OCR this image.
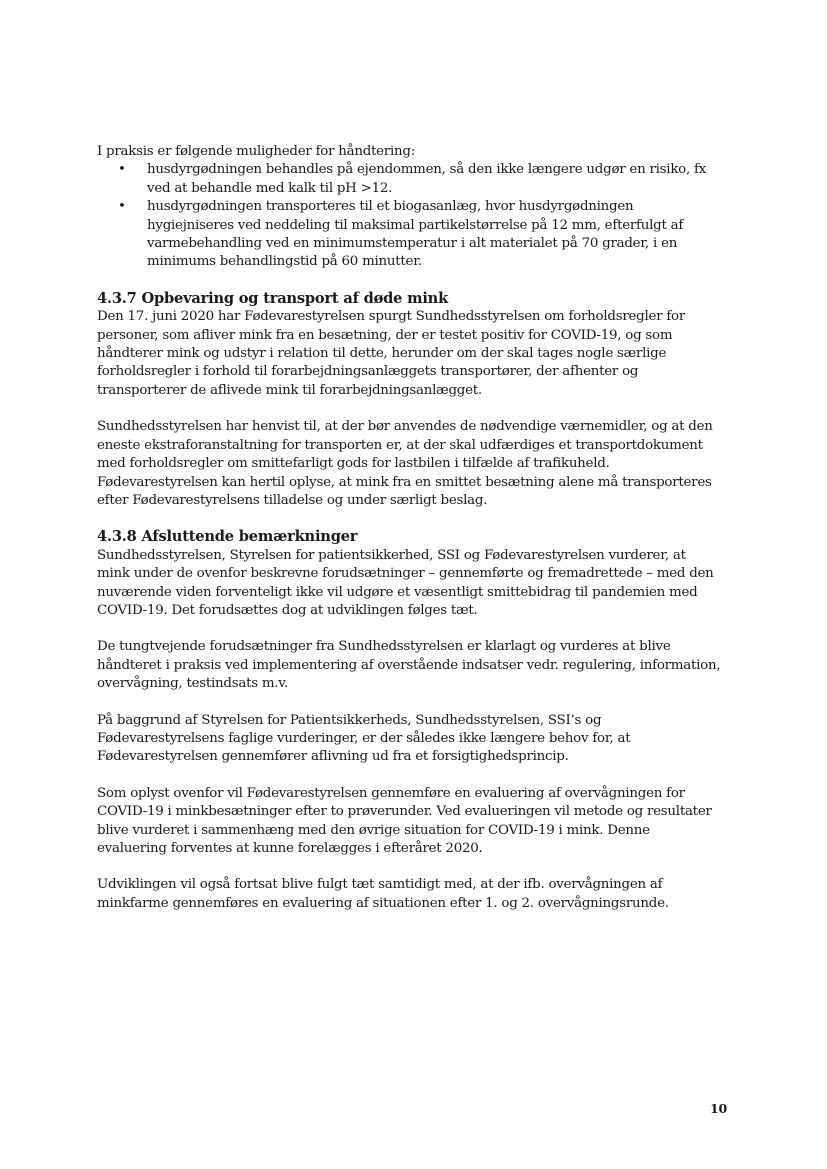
I praksis er følgende muligheder for håndtering:

• husdyrgødningen behandles på ejendommen, så den ikke længere udgør en risiko, fx ved at behandle med kalk til pH >12.
• husdyrgødningen transporteres til et biogasanlæg, hvor husdyrgødningen hygiejniseres ved neddeling til maksimal partikelstørrelse på 12 mm, efterfulgt af varmebehandling ved en minimumstemperatur i alt materialet på 70 grader, i en minimums behandlingstid på 60 minutter.
4.3.7 Opbevaring og transport af døde mink

Den 17. juni 2020 har Fødevarestyrelsen spurgt Sundhedsstyrelsen om forholdsregler for personer, som afliver mink fra en besætning, der er testet positiv for COVID-19, og som håndterer mink og udstyr i relation til dette, herunder om der skal tages nogle særlige forholdsregler i forhold til forarbejdningsanlæggets transportører, der afhenter og transporterer de aflivede mink til forarbejdningsanlægget.

Sundhedsstyrelsen har henvist til, at der bør anvendes de nødvendige værnemidler, og at den eneste ekstraforanstaltning for transporten er, at der skal udfærdiges et transportdokument med forholdsregler om smittefarligt gods for lastbilen i tilfælde af trafikuheld. Fødevarestyrelsen kan hertil oplyse, at mink fra en smittet besætning alene må transporteres efter Fødevarestyrelsens tilladelse og under særligt beslag.

4.3.8 Afsluttende bemærkninger

Sundhedsstyrelsen, Styrelsen for patientsikkerhed, SSI og Fødevarestyrelsen vurderer, at mink under de ovenfor beskrevne forudsætninger – gennemførte og fremadrettede – med den nuværende viden forventeligt ikke vil udgøre et væsentligt smittebidrag til pandemien med COVID-19. Det forudsættes dog at udviklingen følges tæt.

De tungtvejende forudsætninger fra Sundhedsstyrelsen er klarlagt og vurderes at blive håndteret i praksis ved implementering af overstående indsatser vedr. regulering, information, overvågning, testindsats m.v.

På baggrund af Styrelsen for Patientsikkerheds, Sundhedsstyrelsen, SSI’s og Fødevarestyrelsens faglige vurderinger, er der således ikke længere behov for, at Fødevarestyrelsen gennemfører aflivning ud fra et forsigtighedsprincip.

Som oplyst ovenfor vil Fødevarestyrelsen gennemføre en evaluering af overvågningen for COVID-19 i minkbesætninger efter to prøverunder. Ved evalueringen vil metode og resultater blive vurderet i sammenhæng med den øvrige situation for COVID-19 i mink. Denne evaluering forventes at kunne forelægges i efteråret 2020.

Udviklingen vil også fortsat blive fulgt tæt samtidigt med, at der ifb. overvågningen af minkfarme gennemføres en evaluering af situationen efter 1. og 2. overvågningsrunde.

10
